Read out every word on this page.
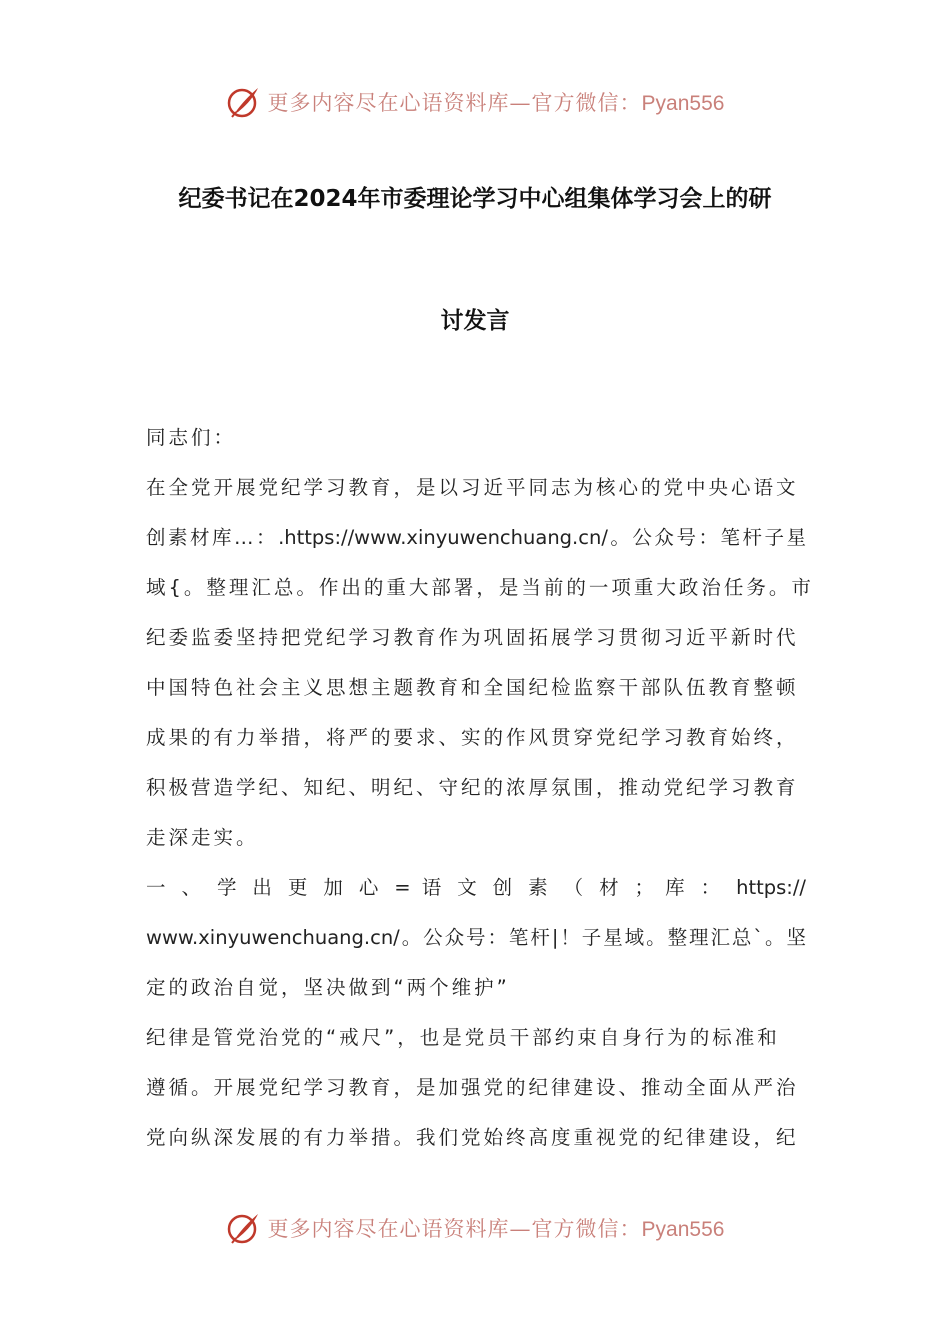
更多内容尽在心语资料库—官方微信：Pyan556
纪委书记在2024年市委理论学习中心组集体学习会上的研
讨发言
同志们：
在全党开展党纪学习教育，是以习近平同志为核心的党中央心语文
创素材库…：.https://www.xinyuwenchuang.cn/。公众号：笔杆子星
域{。整理汇总。作出的重大部署，是当前的一项重大政治任务。市
纪委监委坚持把党纪学习教育作为巩固拓展学习贯彻习近平新时代
中国特色社会主义思想主题教育和全国纪检监察干部队伍教育整顿
成果的有力举措，将严的要求、实的作风贯穿党纪学习教育始终，
积极营造学纪、知纪、明纪、守纪的浓厚氛围，推动党纪学习教育
走深走实。
一 、 学 出 更 加 心 = 语 文 创 素 （ 材 ； 库 ： https://
www.xinyuwenchuang.cn/。公众号：笔杆|！子星域。整理汇总`。坚
定的政治自觉，坚决做到“两个维护”
纪律是管党治党的“戒尺”，也是党员干部约束自身行为的标准和
遵循。开展党纪学习教育，是加强党的纪律建设、推动全面从严治
党向纵深发展的有力举措。我们党始终高度重视党的纪律建设，纪
更多内容尽在心语资料库—官方微信：Pyan556
